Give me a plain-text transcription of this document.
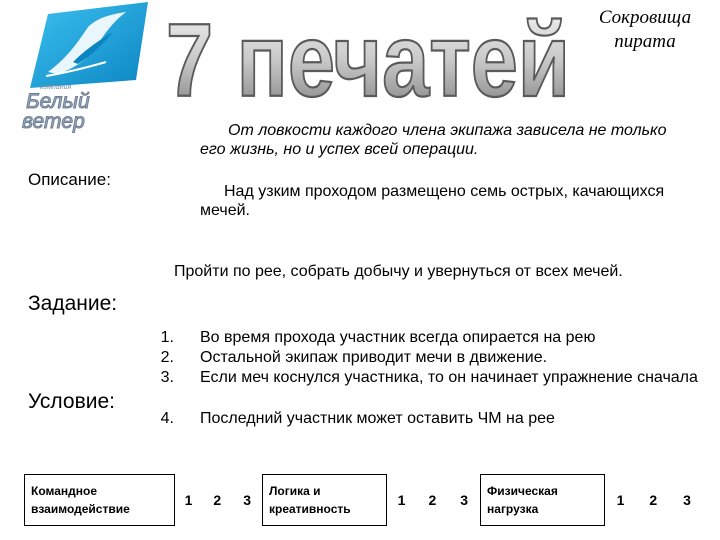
компания
Белый
ветер
7 печатей	Сокровища
пирата
От ловкости каждого члена экипажа зависела не только его жизнь, но и успех всей операции.
Описание:
Над узким проходом размещено семь острых, качающихся мечей.
Пройти по рее, собрать добычу и увернуться от всех мечей.
Задание:
Условие:
1. Во время прохода участник всегда опирается на рею
2. Остальной экипаж приводит мечи в движение.
3. Если меч коснулся участника, то он начинает упражнение сначала
4. Последний участник может оставить ЧМ на рее
Командное взаимодействие		1	2	3	Логика и креативность		1	2	3	Физическая нагрузка		1	2	3
